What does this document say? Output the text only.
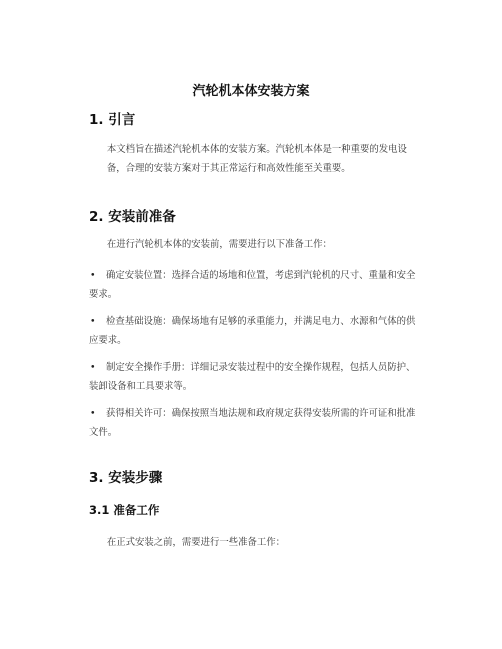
汽轮机本体安装方案
1. 引言
本文档旨在描述汽轮机本体的安装方案。汽轮机本体是一种重要的发电设备，合理的安装方案对于其正常运行和高效性能至关重要。
2. 安装前准备
在进行汽轮机本体的安装前，需要进行以下准备工作：
• 确定安装位置：选择合适的场地和位置，考虑到汽轮机的尺寸、重量和安全要求。
• 检查基础设施：确保场地有足够的承重能力，并满足电力、水源和气体的供应要求。
• 制定安全操作手册：详细记录安装过程中的安全操作规程，包括人员防护、装卸设备和工具要求等。
• 获得相关许可：确保按照当地法规和政府规定获得安装所需的许可证和批准文件。
3. 安装步骤
3.1 准备工作
在正式安装之前，需要进行一些准备工作：
